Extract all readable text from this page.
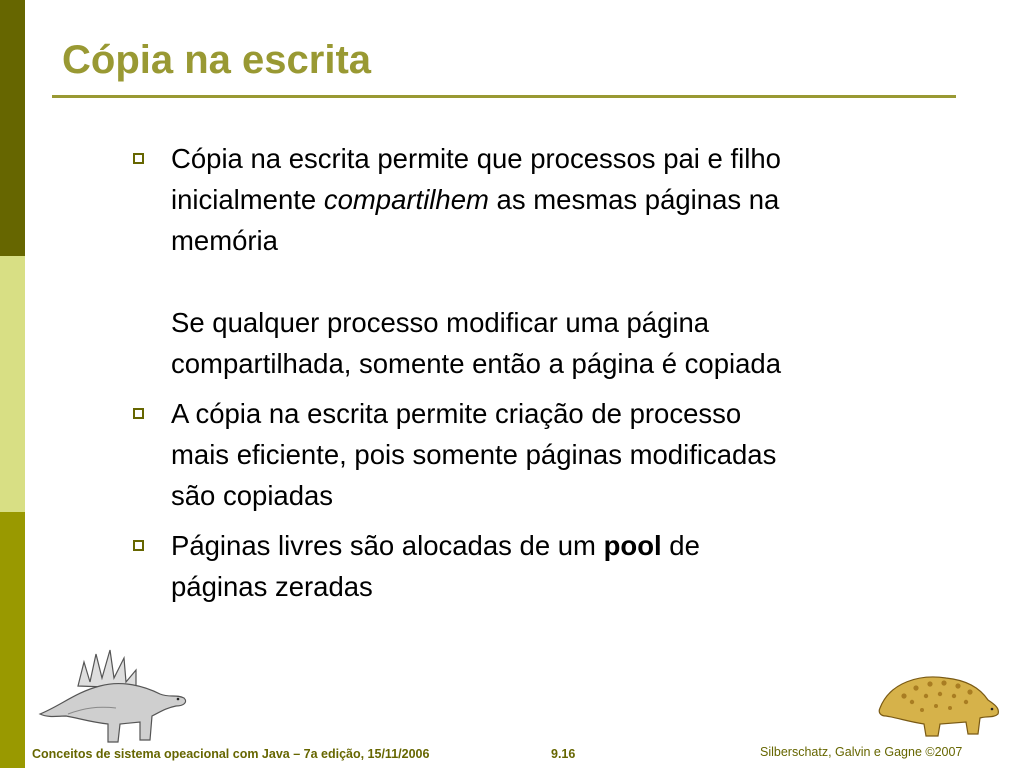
Cópia na escrita
Cópia na escrita permite que processos pai e filho
inicialmente compartilhem as mesmas páginas na
memória
Se qualquer processo modificar uma página
compartilhada, somente então a página é copiada
A cópia na escrita permite criação de processo
mais eficiente, pois somente páginas modificadas
são copiadas
Páginas livres são alocadas de um pool de
páginas zeradas
Conceitos de sistema opeacional com Java – 7a edição, 15/11/2006	9.16	Silberschatz, Galvin e Gagne ©2007
